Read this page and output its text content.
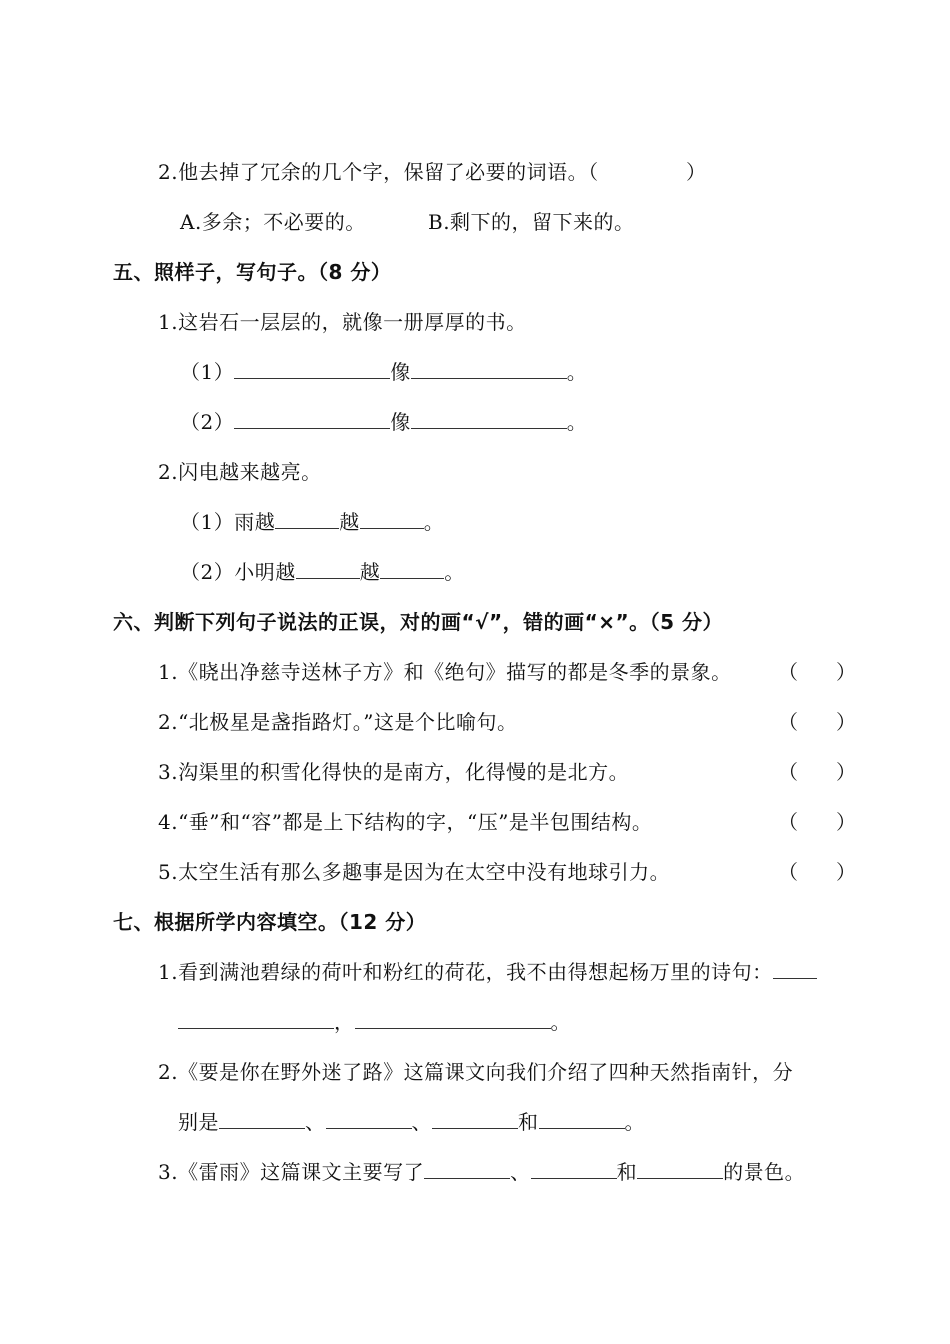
2.他去掉了冗余的几个字，保留了必要的词语。（	）
A.多余；不必要的。	B.剩下的，留下来的。
五、照样子，写句子。（8 分）
1.这岩石一层层的，就像一册厚厚的书。
（1）	像	。
（2）	像	。
2.闪电越来越亮。
（1）雨越	越	。
（2）小明越	越	。
六、判断下列句子说法的正误，对的画“√”，错的画“×”。（5 分）
1.《晓出净慈寺送林子方》和《绝句》描写的都是冬季的景象。 （ ）
2.“北极星是盏指路灯。”这是个比喻句。	（ ）
3.沟渠里的积雪化得快的是南方，化得慢的是北方。	（ ）
4.“垂”和“容”都是上下结构的字，“压”是半包围结构。	（ ）
5.太空生活有那么多趣事是因为在太空中没有地球引力。	（ ）
七、根据所学内容填空。（12 分）
1.看到满池碧绿的荷叶和粉红的荷花，我不由得想起杨万里的诗句：
，	。
2.《要是你在野外迷了路》这篇课文向我们介绍了四种天然指南针，分
别是	、	、	和	。
3.《雷雨》这篇课文主要写了	、	和	的景色。
